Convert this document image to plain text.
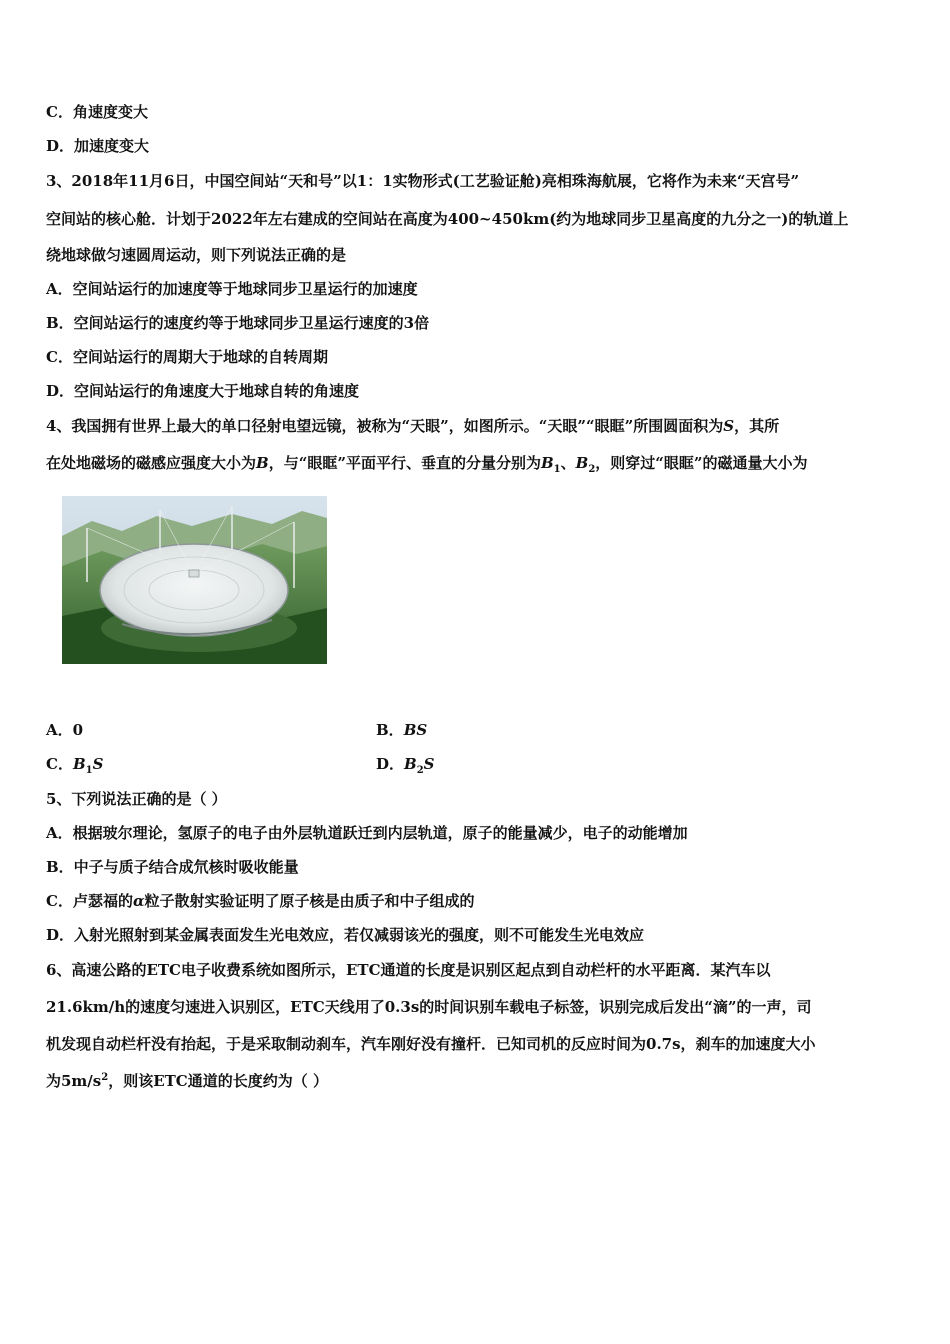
C．角速度变大
D．加速度变大
3、2018年11月6日，中国空间站“天和号”以1：1实物形式(工艺验证舱)亮相珠海航展，它将作为未来“天宫号”
空间站的核心舱．计划于2022年左右建成的空间站在高度为400~450km(约为地球同步卫星高度的九分之一)的轨道上
绕地球做匀速圆周运动，则下列说法正确的是
A．空间站运行的加速度等于地球同步卫星运行的加速度
B．空间站运行的速度约等于地球同步卫星运行速度的3倍
C．空间站运行的周期大于地球的自转周期
D．空间站运行的角速度大于地球自转的角速度
4、我国拥有世界上最大的单口径射电望远镜，被称为“天眼”，如图所示。“天眼”“眼眶”所围圆面积为S，其所
在处地磁场的磁感应强度大小为B，与“眼眶”平面平行、垂直的分量分别为$B_1$、$B_2$，则穿过“眼眶”的磁通量大小为
A．0	B．BS
C．$B_1S$	D．$B_2S$
5、下列说法正确的是（ ）
A．根据玻尔理论，氢原子的电子由外层轨道跃迁到内层轨道，原子的能量减少，电子的动能增加
B．中子与质子结合成氘核时吸收能量
C．卢瑟福的α粒子散射实验证明了原子核是由质子和中子组成的
D．入射光照射到某金属表面发生光电效应，若仅减弱该光的强度，则不可能发生光电效应
6、高速公路的ETC电子收费系统如图所示，ETC通道的长度是识别区起点到自动栏杆的水平距离．某汽车以
21.6km/h的速度匀速进入识别区，ETC天线用了0.3s的时间识别车载电子标签，识别完成后发出“滴”的一声，司
机发现自动栏杆没有抬起，于是采取制动刹车，汽车刚好没有撞杆．已知司机的反应时间为0.7s，刹车的加速度大小
为$5m/s^2$，则该ETC通道的长度约为（ ）
